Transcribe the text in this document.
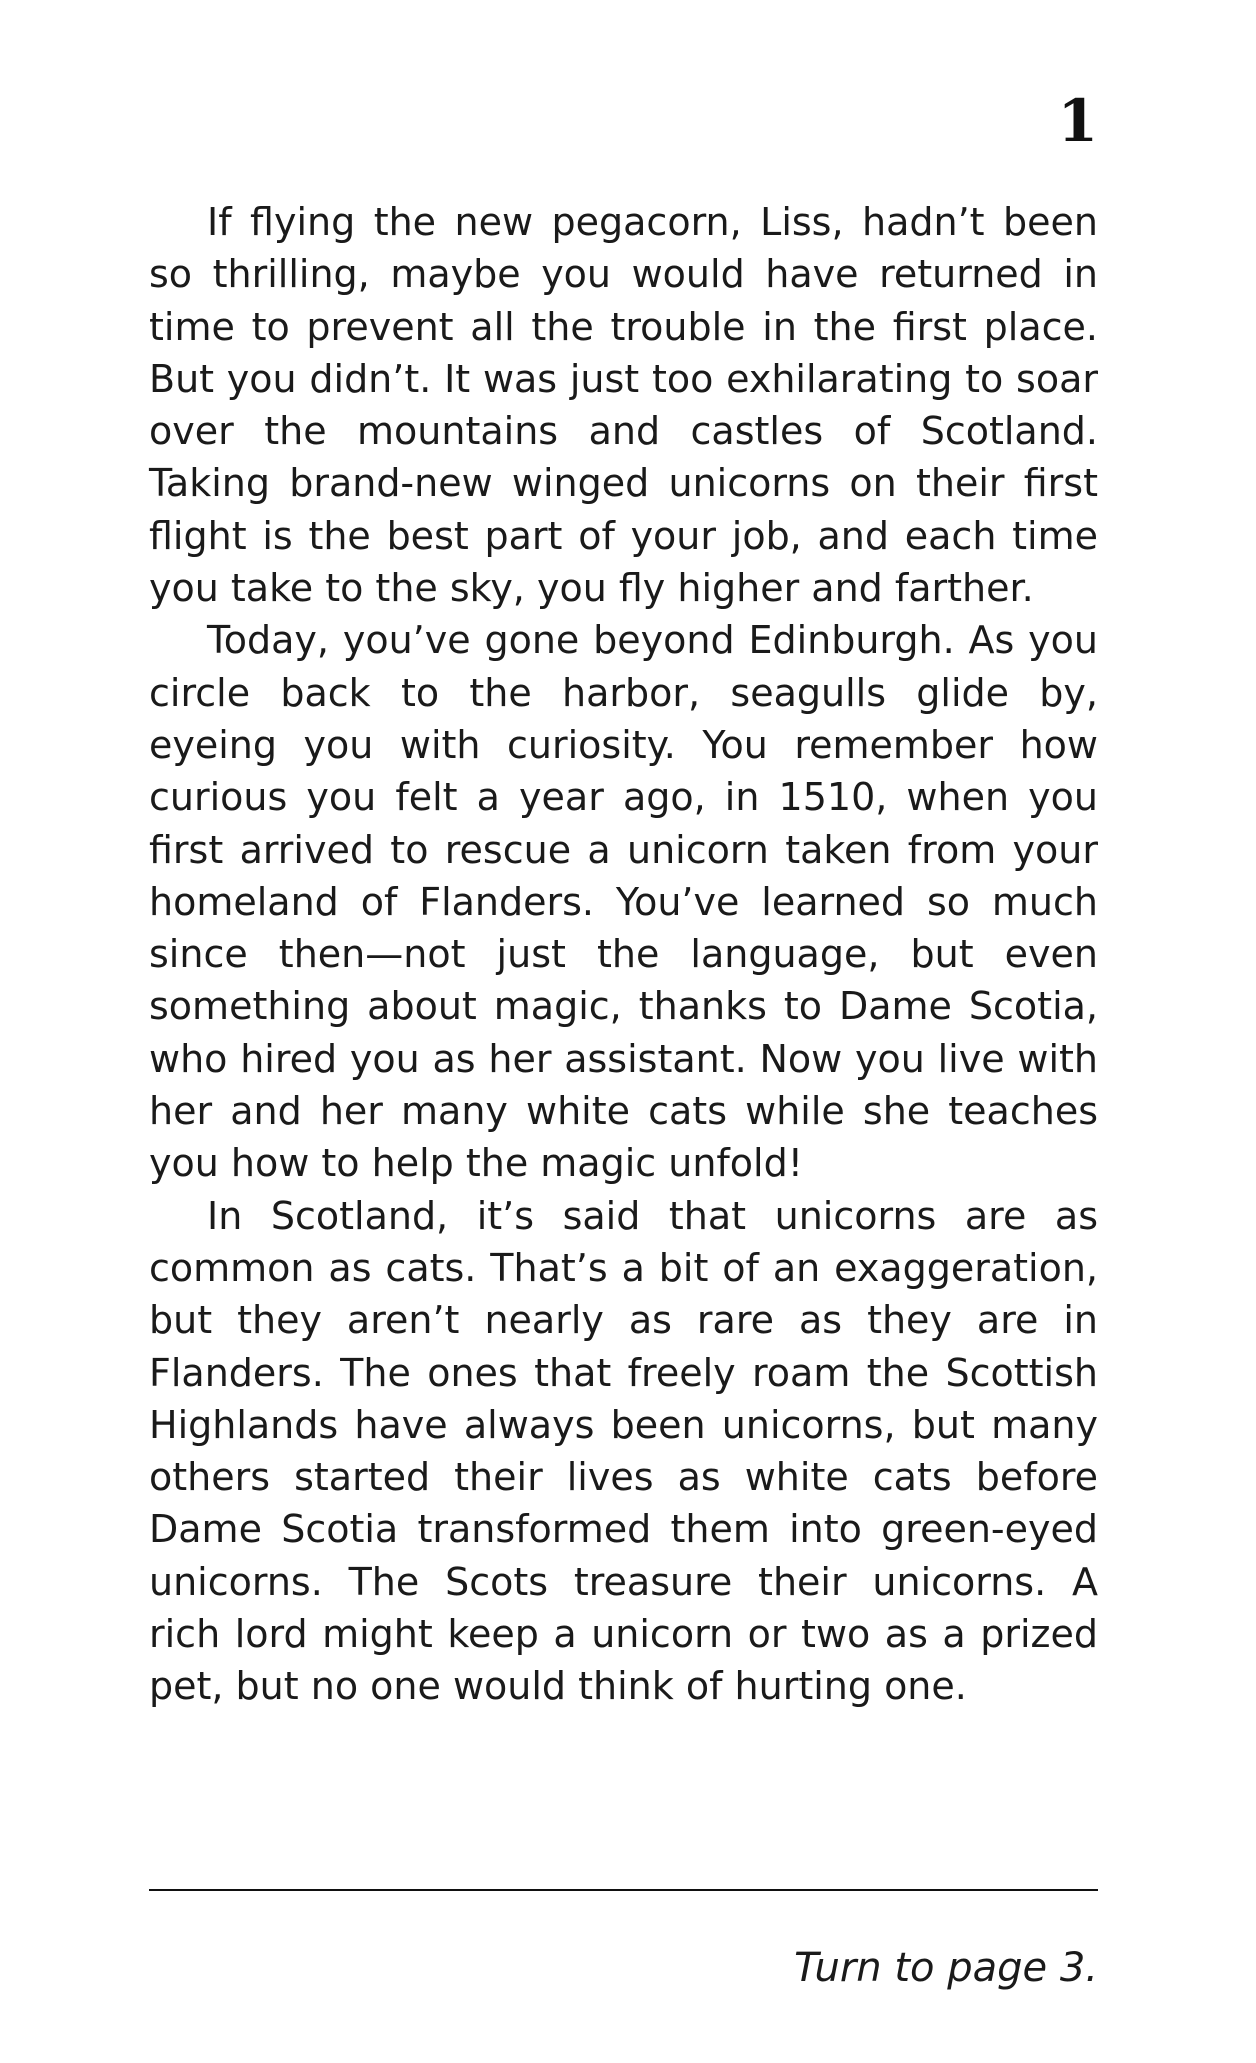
1

If flying the new pegacorn, Liss, hadn’t been so thrilling, maybe you would have returned in time to prevent all the trouble in the first place. But you didn’t. It was just too exhilarating to soar over the mountains and castles of Scotland. Taking brand-new winged unicorns on their first flight is the best part of your job, and each time you take to the sky, you fly higher and farther.

Today, you’ve gone beyond Edinburgh. As you circle back to the harbor, seagulls glide by, eyeing you with curiosity. You remember how curious you felt a year ago, in 1510, when you first arrived to rescue a unicorn taken from your homeland of Flanders. You’ve learned so much since then—not just the language, but even something about magic, thanks to Dame Scotia, who hired you as her assistant. Now you live with her and her many white cats while she teaches you how to help the magic unfold!

In Scotland, it’s said that unicorns are as common as cats. That’s a bit of an exaggeration, but they aren’t nearly as rare as they are in Flanders. The ones that freely roam the Scottish Highlands have always been unicorns, but many others started their lives as white cats before Dame Scotia transformed them into green-eyed unicorns. The Scots treasure their unicorns. A rich lord might keep a unicorn or two as a prized pet, but no one would think of hurting one.

Turn to page 3.
